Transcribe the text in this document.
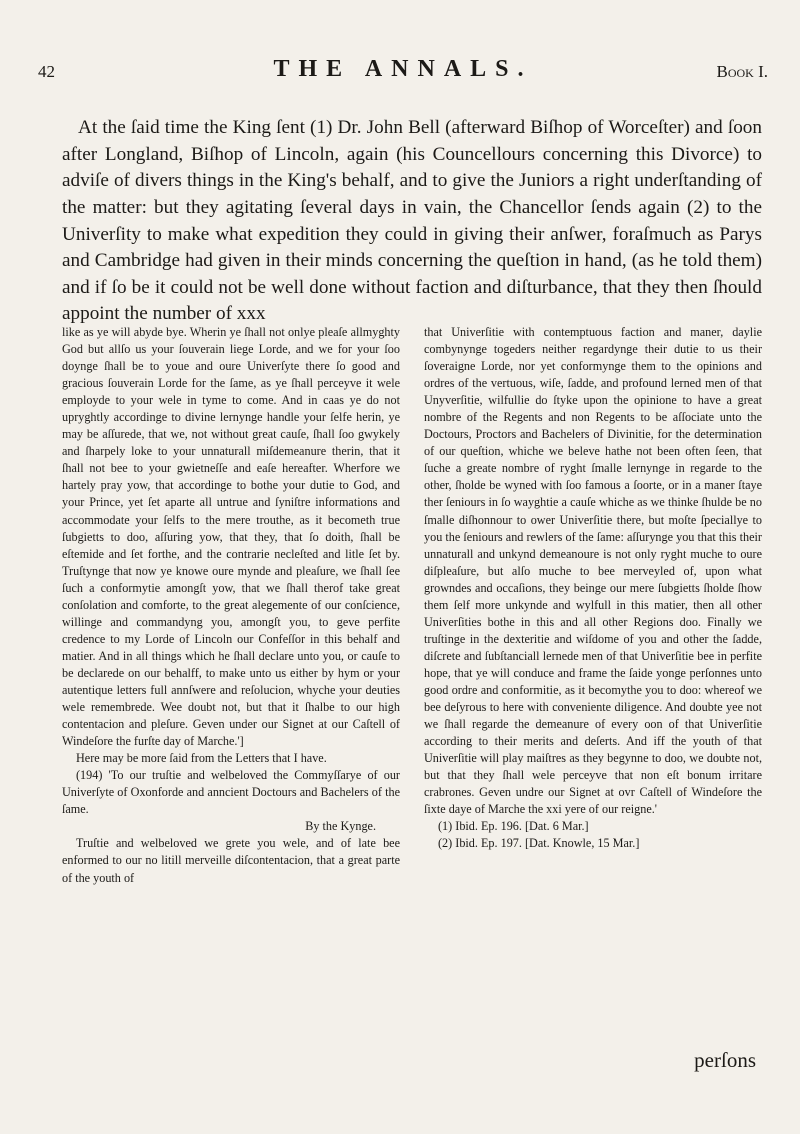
42	THE ANNALS.	Book I.

At the ſaid time the King ſent (1) Dr. John Bell (afterward Biſhop of Worceſter) and ſoon after Longland, Biſhop of Lincoln, again (his Councellours concerning this Divorce) to adviſe of divers things in the King's behalf, and to give the Juniors a right underſtanding of the matter: but they agitating ſeveral days in vain, the Chancellor ſends again (2) to the Univerſity to make what expedition they could in giving their anſwer, foraſmuch as Parys and Cambridge had given in their minds concerning the queſtion in hand, (as he told them) and if ſo be it could not be well done without faction and diſturbance, that they then ſhould appoint the number of xxx

like as ye will abyde bye. Wherin ye ſhall not onlye pleaſe allmyghty God but allſo us your ſouverain liege Lorde, and we for your ſoo doynge ſhall be to youe and oure Univerſyte there ſo good and gracious ſouverain Lorde for the ſame, as ye ſhall perceyve it wele employde to your wele in tyme to come. And in caas ye do not upryghtly accordinge to divine lernynge handle your ſelfe herin, ye may be aſſurede, that we, not without great cauſe, ſhall ſoo gwykely and ſharpely loke to your unnaturall miſdemeanure therin, that it ſhall not bee to your gwietneſſe and eaſe hereafter. Wherfore we hartely pray yow, that accordinge to bothe your dutie to God, and your Prince, yet ſet aparte all untrue and ſyniſtre informations and accommodate your ſelfs to the mere trouthe, as it becometh true ſubgietts to doo, aſſuring yow, that they, that ſo doith, ſhall be eſtemide and ſet forthe, and the contrarie necleſted and litle ſet by. Truſtynge that now ye knowe oure mynde and pleaſure, we ſhall ſee ſuch a conformytie amongſt yow, that we ſhall therof take great conſolation and comforte, to the great alegemente of our conſcience, willinge and commandyng you, amongſt you, to geve perfite credence to my Lorde of Lincoln our Confeſſor in this behalf and matier. And in all things which he ſhall declare unto you, or cauſe to be declarede on our behalff, to make unto us either by hym or your autentique letters full annſwere and reſolucion, whyche your deuties wele remembrede. Wee doubt not, but that it ſhalbe to our high contentacion and pleſure. Geven under our Signet at our Caſtell of Windeſore the furſte day of Marche.']

Here may be more ſaid from the Letters that I have.

(194) 'To our truſtie and welbeloved the Commyſſarye of our Univerſyte of Oxonforde and anncient Doctours and Bachelers of the ſame.

By the Kynge.

Truſtie and welbeloved we grete you wele, and of late bee enformed to our no litill merveille diſcontentacion, that a great parte of the youth of

that Univerſitie with contemptuous faction and maner, daylie combynynge togeders neither regardynge their dutie to us their ſoveraigne Lorde, nor yet conformynge them to the opinions and ordres of the vertuous, wiſe, ſadde, and profound lerned men of that Unyverſitie, wilfullie do ſtyke upon the opinione to have a great nombre of the Regents and non Regents to be aſſociate unto the Doctours, Proctors and Bachelers of Divinitie, for the determination of our queſtion, whiche we beleve hathe not been often ſeen, that ſuche a greate nombre of ryght ſmalle lernynge in regarde to the other, ſholde be wyned with ſoo famous a ſoorte, or in a maner ſtaye ther ſeniours in ſo wayghtie a cauſe whiche as we thinke ſhulde be no ſmalle diſhonnour to ower Univerſitie there, but moſte ſpeciallye to you the ſeniours and rewlers of the ſame: aſſurynge you that this their unnaturall and unkynd demeanoure is not only ryght muche to oure diſpleaſure, but alſo muche to bee merveyled of, upon what growndes and occaſions, they beinge our mere ſubgietts ſholde ſhow them ſelf more unkynde and wylfull in this matier, then all other Univerſities bothe in this and all other Regions doo. Finally we truſtinge in the dexteritie and wiſdome of you and other the ſadde, diſcrete and ſubſtanciall lernede men of that Univerſitie bee in perfite hope, that ye will conduce and frame the ſaide yonge perſonnes unto good ordre and conformitie, as it becomythe you to doo: whereof we bee deſyrous to here with conveniente diligence. And doubte yee not we ſhall regarde the demeanure of every oon of that Univerſitie according to their merits and deſerts. And iff the youth of that Univerſitie will play maiſtres as they begynne to doo, we doubte not, but that they ſhall wele perceyve that non eſt bonum irritare crabrones. Geven undre our Signet at ovr Caſtell of Windeſore the ſixte daye of Marche the xxi yere of our reigne.'

(1) Ibid. Ep. 196. [Dat. 6 Mar.]

(2) Ibid. Ep. 197. [Dat. Knowle, 15 Mar.]

perſons
